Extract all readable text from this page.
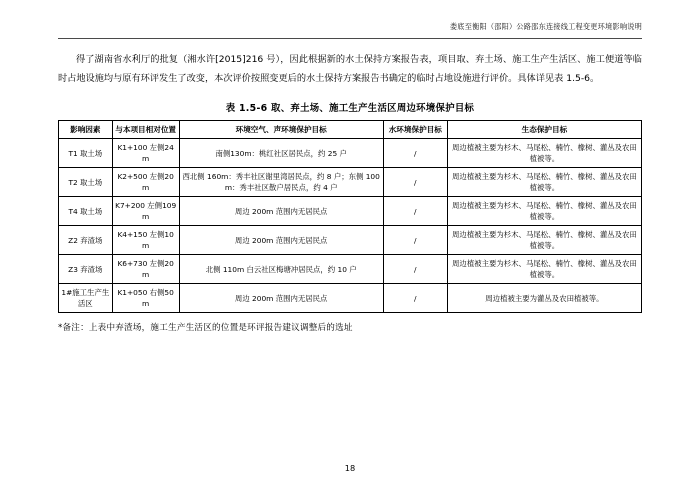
娄底至衡阳（邵阳）公路邵东连接线工程变更环境影响说明

得了湖南省水利厅的批复（湘水许[2015]216 号），因此根据新的水土保持方案报告表，项目取、弃土场、施工生产生活区、施工便道等临时占地设施均与原有环评发生了改变，本次评价按照变更后的水土保持方案报告书确定的临时占地设施进行评价。具体详见表 1.5-6。

表 1.5-6 取、弃土场、施工生产生活区周边环境保护目标
影响因素	与本项目相对位置	环境空气、声环境保护目标	水环境保护目标	生态保护目标
T1 取土场	K1+100 左侧24m	南侧130m：桃红社区居民点，约 25 户	/	周边植被主要为杉木、马尾松、楠竹、橡树、灌丛及农田植被等。
T2 取土场	K2+500 左侧20m	西北侧 160m：秀丰社区谢里湾居民点，约 8 户；东侧 100m：秀丰社区散户居民点，约 4 户	/	周边植被主要为杉木、马尾松、楠竹、橡树、灌丛及农田植被等。
T4 取土场	K7+200 左侧109m	周边 200m 范围内无居民点	/	周边植被主要为杉木、马尾松、楠竹、橡树、灌丛及农田植被等。
Z2 弃渣场	K4+150 左侧10m	周边 200m 范围内无居民点	/	周边植被主要为杉木、马尾松、楠竹、橡树、灌丛及农田植被等。
Z3 弃渣场	K6+730 左侧20m	北侧 110m 白云社区梅塘冲居民点，约 10 户	/	周边植被主要为杉木、马尾松、楠竹、橡树、灌丛及农田植被等。
1#施工生产生活区	K1+050 右侧50m	周边 200m 范围内无居民点	/	周边植被主要为灌丛及农田植被等。
*备注：上表中弃渣场，施工生产生活区的位置是环评报告建议调整后的选址
18
